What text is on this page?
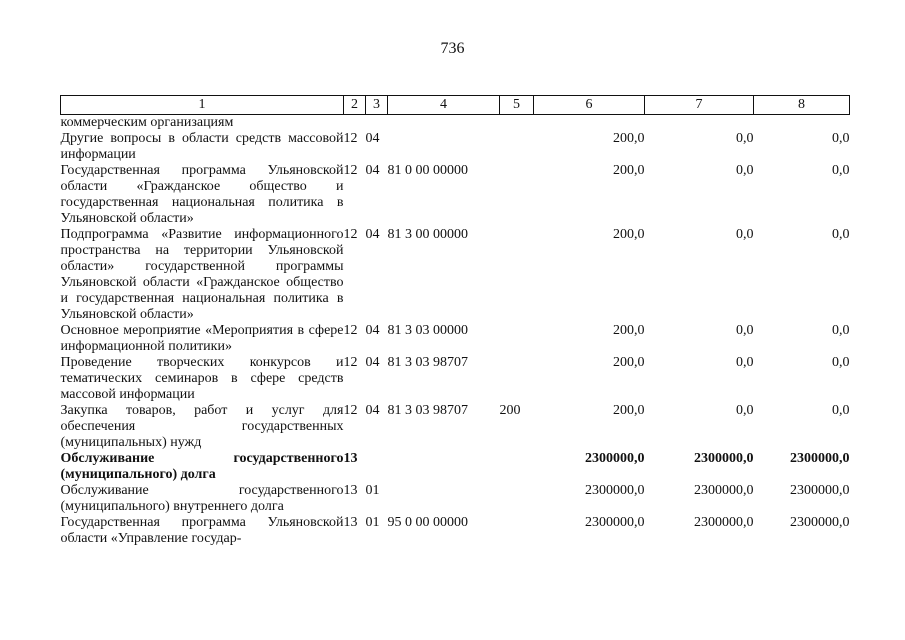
736
1	2	3	4	5	6	7	8
коммерческим организациям							
Другие вопросы в области средств массовой информации	12	04			200,0	0,0	0,0
Государственная программа Ульяновской области «Гражданское общество и государственная национальная политика в Ульяновской области»	12	04	81 0 00 00000		200,0	0,0	0,0
Подпрограмма «Развитие информационного пространства на территории Ульяновской области» государственной программы Ульяновской области «Гражданское общество и государственная национальная политика в Ульяновской области»	12	04	81 3 00 00000		200,0	0,0	0,0
Основное мероприятие «Мероприятия в сфере информационной политики»	12	04	81 3 03 00000		200,0	0,0	0,0
Проведение творческих конкурсов и тематических семинаров в сфере средств массовой информации	12	04	81 3 03 98707		200,0	0,0	0,0
Закупка товаров, работ и услуг для обеспечения государственных (муниципальных) нужд	12	04	81 3 03 98707	200	200,0	0,0	0,0
Обслуживание государственного (муниципального) долга	13				2300000,0	2300000,0	2300000,0
Обслуживание государственного (муниципального) внутреннего долга	13	01			2300000,0	2300000,0	2300000,0
Государственная программа Ульяновской области «Управление государ-	13	01	95 0 00 00000		2300000,0	2300000,0	2300000,0
